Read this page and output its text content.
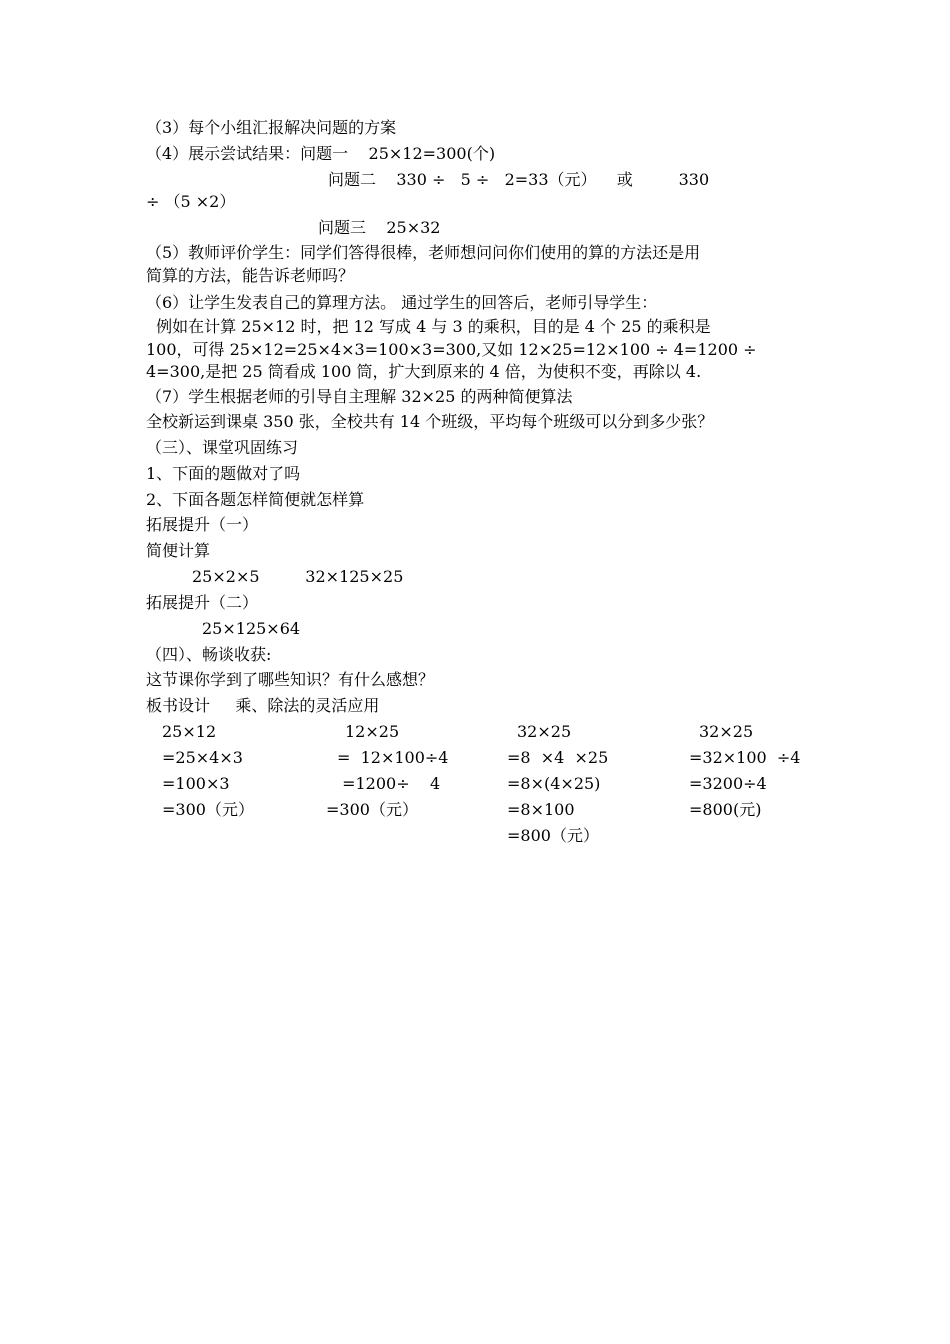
（3）每个小组汇报解决问题的方案
（4）展示尝试结果：问题一    25×12=300(个)
问题二    330 ÷   5 ÷   2=33（元）    或         330
÷ （5 ×2）
问题三    25×32
（5）教师评价学生：同学们答得很棒，老师想问问你们使用的算的方法还是用
简算的方法，能告诉老师吗？
（6）让学生发表自己的算理方法。 通过学生的回答后，老师引导学生：
例如在计算 25×12 时，把 12 写成 4 与 3 的乘积，目的是 4 个 25 的乘积是
100，可得 25×12=25×4×3=100×3=300,又如 12×25=12×100 ÷ 4=1200 ÷
4=300,是把 25 筒看成 100 筒，扩大到原来的 4 倍，为使积不变，再除以 4.
（7）学生根据老师的引导自主理解 32×25 的两种简便算法
全校新运到课桌 350 张，全校共有 14 个班级，平均每个班级可以分到多少张？
（三）、课堂巩固练习
1、下面的题做对了吗
2、下面各题怎样简便就怎样算
拓展提升（一）
简便计算
25×2×5         32×125×25
拓展提升（二）
25×125×64
（四）、畅谈收获:
这节课你学到了哪些知识？有什么感想？
板书设计     乘、除法的灵活应用
25×12
=25×4×3
=100×3
=300（元）
12×25
=  12×100÷4
=1200÷    4
=300（元）
32×25
=8  ×4  ×25
=8×(4×25)
=8×100
=800（元）
32×25
=32×100  ÷4
=3200÷4
=800(元)
